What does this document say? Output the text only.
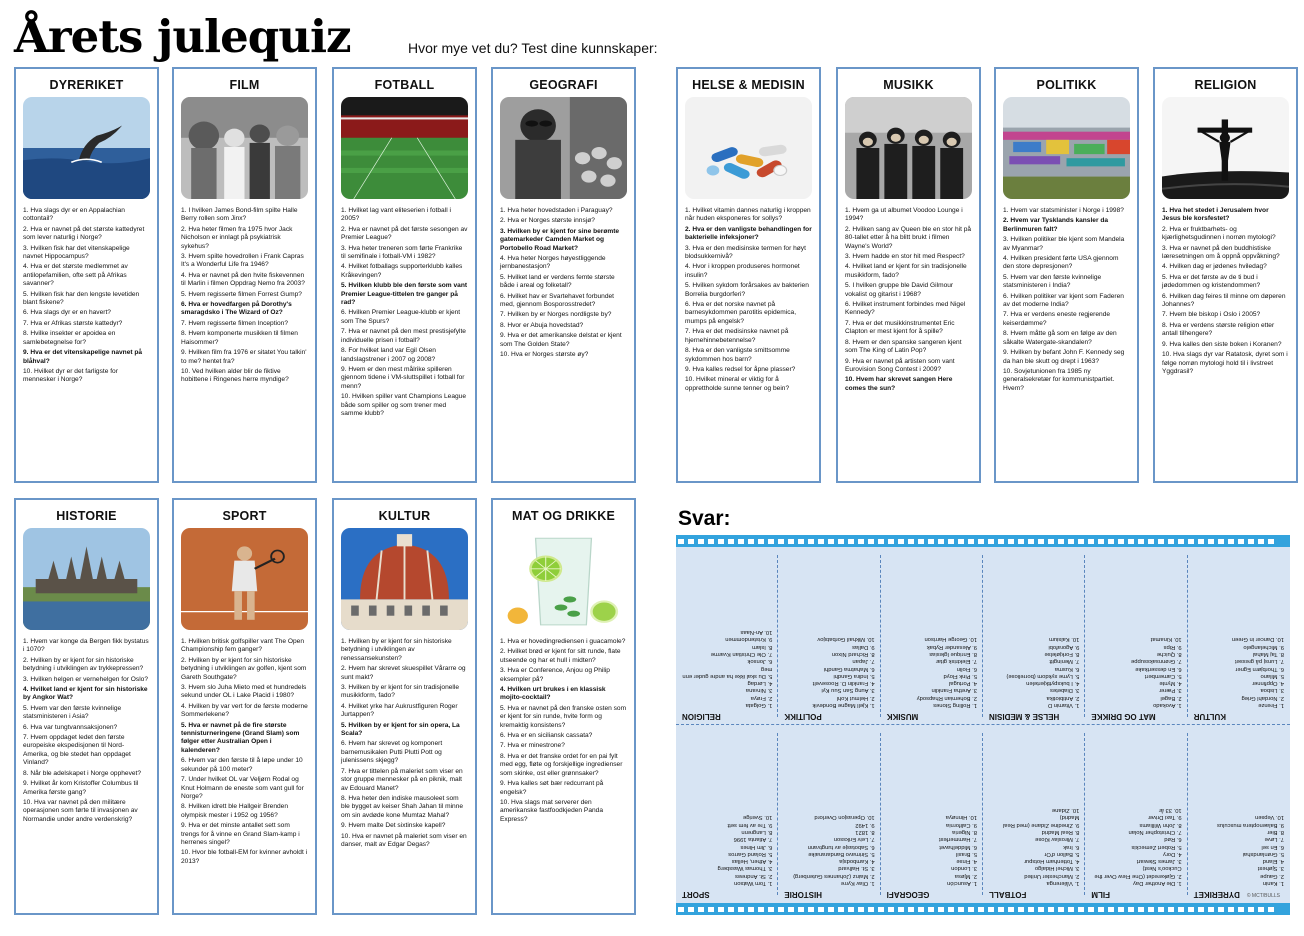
Årets julequiz	Hvor mye vet du? Test dine kunnskaper:
DYRERIKET
1. Hva slags dyr er en Appalachian cottontail?
2. Hva er navnet på det største kattedyret som lever naturlig i Norge?
3. Hvilken fisk har det vitenskapelige navnet Hippocampus?
4. Hva er det største medlemmet av antilopefamilien, ofte sett på Afrikas savanner?
5. Hvilken fisk har den lengste levetiden blant fiskene?
6. Hva slags dyr er en havert?
7. Hva er Afrikas største kattedyr?
8. Hvilke insekter er apoidea en samlebetegnelse for?
9. Hva er det vitenskapelige navnet på blåhval?
10. Hvilket dyr er det farligste for mennesker i Norge?
FILM
1. I hvilken James Bond-film spilte Halle Berry rollen som Jinx?
2. Hva heter filmen fra 1975 hvor Jack Nicholson er innlagt på psykiatrisk sykehus?
3. Hvem spilte hovedrollen i Frank Capras It's a Wonderful Life fra 1946?
4. Hva er navnet på den hvite fiskevennen til Marlin i filmen Oppdrag Nemo fra 2003?
5. Hvem regisserte filmen Forrest Gump?
6. Hva er hovedfargen på Dorothy's smaragdsko i The Wizard of Oz?
7. Hvem regisserte filmen Inception?
8. Hvem komponerte musikken til filmen Haisommer?
9. Hvilken film fra 1976 er sitatet You talkin' to me? hentet fra?
10. Ved hvilken alder blir de fiktive hobittene i Ringenes herre myndige?
FOTBALL
1. Hvilket lag vant eliteserien i fotball i 2005?
2. Hva er navnet på det første sesongen av Premier League?
3. Hva heter treneren som førte Frankrike til semifinale i fotball-VM i 1982?
4. Hvilket fotballags supporterklubb kalles Kråkevingen?
5. Hvilken klubb ble den første som vant Premier League-tittelen tre ganger på rad?
6. Hvilken Premier League-klubb er kjent som The Spurs?
7. Hva er navnet på den mest prestisjefylte individuelle prisen i fotball?
8. For hvilket land var Egil Olsen landslagstrener i 2007 og 2008?
9. Hvem er den mest målrike spilleren gjennom tidene i VM-sluttspillet i fotball for menn?
10. Hvilken spiller vant Champions League både som spiller og som trener med samme klubb?
GEOGRAFI
1. Hva heter hovedstaden i Paraguay?
2. Hva er Norges største innsjø?
3. Hvilken by er kjent for sine berømte gatemarkeder Camden Market og Portobello Road Market?
4. Hva heter Norges høyestliggende jernbanestasjon?
5. Hvilket land er verdens femte største både i areal og folketall?
6. Hvilket hav er Svartehavet forbundet med, gjennom Bosporosstredet?
7. Hvilken by er Norges nordligste by?
8. Hvor er Abuja hovedstad?
9. Hva er det amerikanske delstat er kjent som The Golden State?
10. Hva er Norges største øy?
HELSE & MEDISIN
1. Hvilket vitamin dannes naturlig i kroppen når huden eksponeres for sollys?
2. Hva er den vanligste behandlingen for bakterielle infeksjoner?
3. Hva er den medisinske termen for høyt blodsukkernivå?
4. Hvor i kroppen produseres hormonet insulin?
5. Hvilken sykdom forårsakes av bakterien Borrelia burgdorferi?
6. Hva er det norske navnet på barnesykdommen parotitis epidemica, mumps på engelsk?
7. Hva er det medisinske navnet på hjernehinnebetennelse?
8. Hva er den vanligste smittsomme sykdommen hos barn?
9. Hva kalles redsel for åpne plasser?
10. Hvilket mineral er viktig for å opprettholde sunne tenner og bein?
MUSIKK
1. Hvem ga ut albumet Voodoo Lounge i 1994?
2. Hvilken sang av Queen ble en stor hit på 80-tallet etter å ha blitt brukt i filmen Wayne's World?
3. Hvem hadde en stor hit med Respect?
4. Hvilket land er kjent for sin tradisjonelle musikkform, fado?
5. I hvilken gruppe ble David Gilmour vokalist og gitarist i 1968?
6. Hvilket instrument forbindes med Nigel Kennedy?
7. Hva er det musikkinstrumentet Eric Clapton er mest kjent for å spille?
8. Hvem er den spanske sangeren kjent som The King of Latin Pop?
9. Hva er navnet på artisten som vant Eurovision Song Contest i 2009?
10. Hvem har skrevet sangen Here comes the sun?
POLITIKK
1. Hvem var statsminister i Norge i 1998?
2. Hvem var Tysklands kansler da Berlinmuren falt?
3. Hvilken politiker ble kjent som Mandela av Myanmar?
4. Hvilken president førte USA gjennom den store depresjonen?
5. Hvem var den første kvinnelige statsministeren i India?
6. Hvilken politiker var kjent som Faderen av det moderne India?
7. Hva er verdens eneste regjerende keiserdømme?
8. Hvem måtte gå som en følge av den såkalte Watergate-skandalen?
9. Hvilken by befant John F. Kennedy seg da han ble skutt og drept i 1963?
10. Sovjetunionen fra 1985 ny generalsekretær for kommunistpartiet. Hvem?
RELIGION
1. Hva het stedet i Jerusalem hvor Jesus ble korsfestet?
2. Hva er fruktbarhets- og kjærlighetsgudinnen i norrøn mytologi?
3. Hva er navnet på den buddhistiske læresetningen om å oppnå oppvåkning?
4. Hvilken dag er jødenes hviledag?
5. Hva er det første av de ti bud i jødedommen og kristendommen?
6. Hvilken dag feires til minne om døperen Johannes?
7. Hvem ble biskop i Oslo i 2005?
8. Hva er verdens største religion etter antall tilhengere?
9. Hva kalles den siste boken i Koranen?
10. Hva slags dyr var Ratatosk, dyret som i følge norrøn mytologi hold til i livstreet Yggdrasil?
HISTORIE
1. Hvem var konge da Bergen fikk bystatus i 1070?
2. Hvilken by er kjent for sin historiske betydning i utviklingen av trykkepressen?
3. Hvilken helgen er vernehelgen for Oslo?
4. Hvilket land er kjent for sin historiske by Angkor Wat?
5. Hvem var den første kvinnelige statsministeren i Asia?
6. Hva var tungtvannsaksjonen?
7. Hvem oppdaget ledet den første europeiske ekspedisjonen til Nord-Amerika, og ble stedet han oppdaget Vinland?
8. Når ble adelskapet i Norge opphevet?
9. Hvilket år kom Kristoffer Columbus til Amerika første gang?
10. Hva var navnet på den militære operasjonen som førte til invasjonen av Normandie under andre verdenskrig?
SPORT
1. Hvilken britisk golfspiller vant The Open Championship fem ganger?
2. Hvilken by er kjent for sin historiske betydning i utviklingen av golfen, kjent som Gareth Southgate?
3. Hvem slo Juha Mieto med et hundredels sekund under OL i Lake Placid i 1980?
4. Hvilken by var vert for de første moderne Sommerlekene?
5. Hva er navnet på de fire største tennisturneringene (Grand Slam) som følger etter Australian Open i kalenderen?
6. Hvem var den første til å løpe under 10 sekunder på 100 meter?
7. Under hvilket OL var Veljørn Rodal og Knut Holmann de eneste som vant gull for Norge?
8. Hvilken idrett ble Hallgeir Brenden olympisk mester i 1952 og 1956?
9. Hva er det minste antallet sett som trengs for å vinne en Grand Slam-kamp i herrenes singel?
10. Hvor ble fotball-EM for kvinner avholdt i 2013?
KULTUR
1. Hvilken by er kjent for sin historiske betydning i utviklingen av renessansekunsten?
2. Hvem har skrevet skuespillet Vårarre og sunt makt?
3. Hvilken by er kjent for sin tradisjonelle musikkform, fado?
4. Hvilket yrke har Aukrustfiguren Roger Jurtappen?
5. Hvilken by er kjent for sin opera, La Scala?
6. Hvem har skrevet og komponert barnemusikalen Putti Plutti Pott og julenissens skjegg?
7. Hva er tittelen på maleriet som viser en stor gruppe mennesker på en piknik, malt av Edouard Manet?
8. Hva heter den indiske mausoleet som ble bygget av keiser Shah Jahan til minne om sin avdøde kone Mumtaz Mahal?
9. Hvem malte Det sixtinske kapell?
10. Hva er navnet på maleriet som viser en danser, malt av Edgar Degas?
MAT OG DRIKKE
1. Hva er hovedingrediensen i guacamole?
2. Hvilket brød er kjent for sitt runde, flate utseende og har et hull i midten?
3. Hva er Conference, Anjou og Philip eksempler på?
4. Hvilken urt brukes i en klassisk mojito-cocktail?
5. Hva er navnet på den franske osten som er kjent for sin runde, hvite form og kremaktig konsistens?
6. Hva er en siciliansk cassata?
7. Hva er minestrone?
8. Hva er det franske ordet for en pai fylt med egg, fløte og forskjellige ingredienser som skinke, ost eller grønnsaker?
9. Hva kalles søt bær redcurrant på engelsk?
10. Hva slags mat serverer den amerikanske fastfoodkjeden Panda Express?
Svar:
DYRERIKET
1. Kanin
2. Gaupe
3. Sjøhest
4. Eland
5. Grønlandshai
6. En sel
7. Løve
8. Bier
9. Balaenoptera musculus
10. Vepsen
FILM
1. Die Another Day
2. Gjøkeredet (One Flew Over the Cuckoo's Nest)
3. James Stewart
4. Dory
5. Robert Zemeckis
6. Rød
7. Christopher Nolan
8. John Williams
9. Taxi Driver
10. 33 år
FOTBALL
1. Vålerenga
2. Manchester United
3. Michel Hidalgo
4. Tottenham Hotspur
5. Ballon d'Or
6. Irak
7. Miroslav Klose
8. Real Madrid
9. Zinedine Zidane (med Real Madrid)
10. Zidane
GEOGRAFI
1. Asunción
2. Mjøsa
3. London
4. Finse
5. Brasil
6. Middelhavet
7. Hammerfest
8. Nigeria
9. California
10. Hinnøya
HISTORIE
1. Olav Kyrre
2. Mainz (Johannes Gutenberg)
3. St. Hallvard
4. Kambodsja
5. Sirimavo Bandaranaike
6. Sabotasje av tungtvann
7. Leiv Eriksson
8. 1821
9. 1492
10. Operasjon Overlord
SPORT
1. Tom Watson
2. St. Andrews
3. Thomas Wassberg
4. Athen, Hellas
5. Roland Garros
6. Jim Hines
7. Atlanta 1996
8. Langrenn
9. Tre av fem sett
10. Sverige
KULTUR
1. Firenze
2. Nordahl Grieg
3. Lisboa
4. Oppfinner
5. Milano
6. Thorbjørn Egner
7. Lunsj på gresset
8. Taj Mahal
9. Michelangelo
10. Dancer in Green
MAT OG DRIKKE
1. Avokado
2. Bagel
3. Pærer
4. Mynte
5. Camembert
6. En dessertkake
7. Grønnsakssuppe
8. Quiche
9. Rips
10. Kinamat
HELSE & MEDISIN
1. Vitamin D
2. Antibiotika
3. Diabetes
4. I bukspyttkjertelen
5. Lyme sykdom (borreliose)
6. Kusma
7. Meningitt
8. Forkjølelse
9. Agorafobi
10. Kalsium
MUSIKK
1. Rolling Stones
2. Bohemian Rhapsody
3. Aretha Franklin
4. Portugal
5. Pink Floyd
6. Fiolin
7. Elektrisk gitar
8. Enrique Iglesias
9. Alexander Rybak
10. George Harrison
POLITIKK
1. Kjell Magne Bondevik
2. Helmut Kohl
3. Aung San Suu Kyi
4. Franklin D. Roosevelt
5. Indira Gandhi
6. Mahatma Gandhi
7. Japan
8. Richard Nixon
9. Dallas
10. Mikhail Gorbatsjov
RELIGION
1. Golgata
2. Frøya
3. Nirvana
4. Lørdag
5. Du skal ikke ha andre guder enn meg
6. Jonsok
7. Ole Christian Kvarme
8. Islam
9. Kristendommen
10. An-Naas
© MCT/BULLS
